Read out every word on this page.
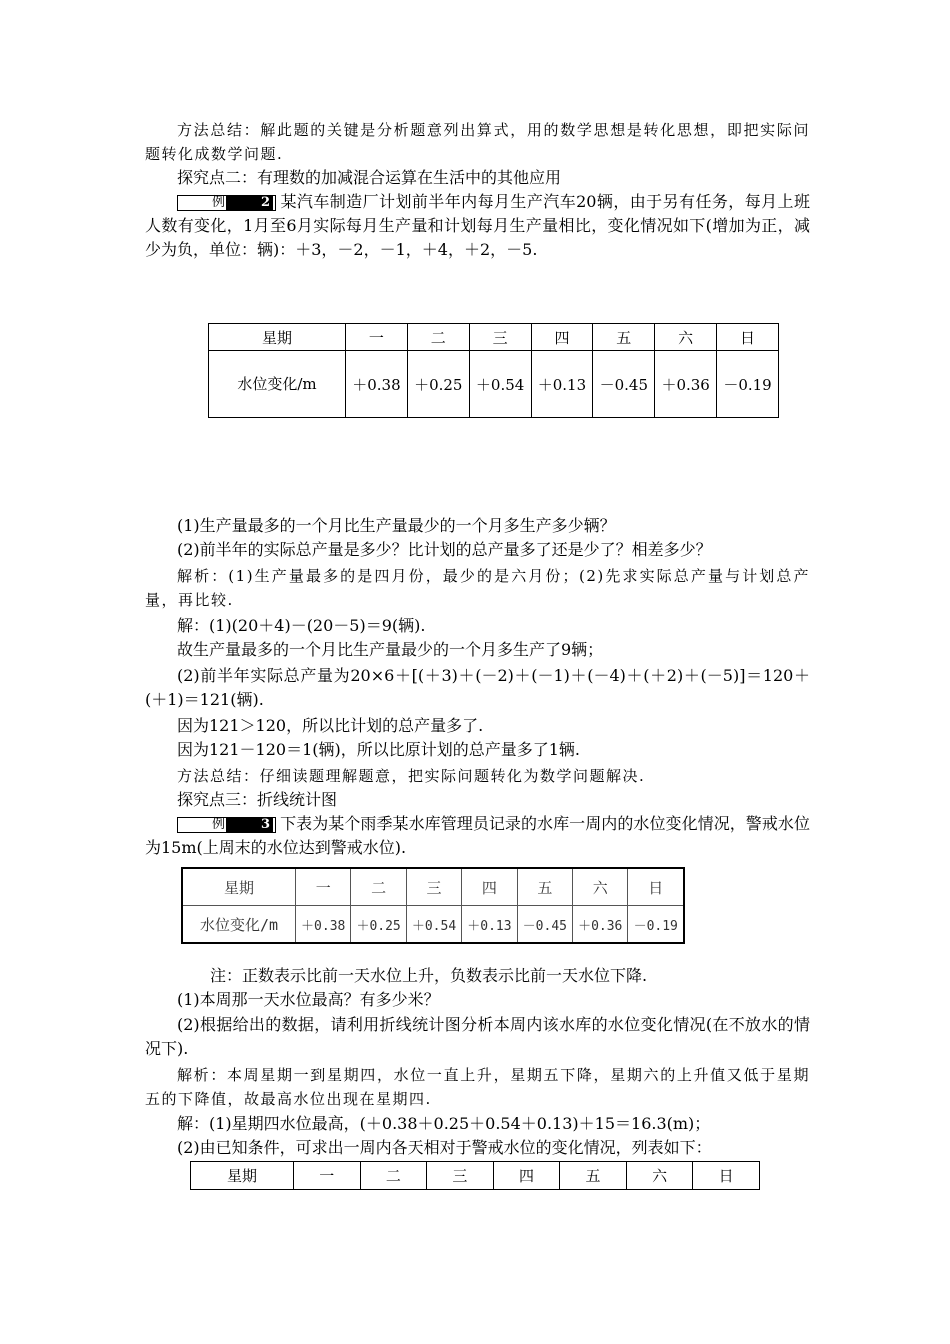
方法总结：解此题的关键是分析题意列出算式，用的数学思想是转化思想，即把实际问题转化成数学问题.
探究点二：有理数的加减混合运算在生活中的其他应用
例	2 某汽车制造厂计划前半年内每月生产汽车20辆，由于另有任务，每月上班人数有变化，1月至6月实际每月生产量和计划每月生产量相比，变化情况如下(增加为正，减少为负，单位：辆)：＋3，－2，－1，＋4，＋2，－5.
星期	一	二	三	四	五	六	日
水位变化/m	＋0.38	＋0.25	＋0.54	＋0.13	－0.45	＋0.36	－0.19
(1)生产量最多的一个月比生产量最少的一个月多生产多少辆？
(2)前半年的实际总产量是多少？比计划的总产量多了还是少了？相差多少？
解析：(1)生产量最多的是四月份，最少的是六月份；(2)先求实际总产量与计划总产量，再比较.
解：(1)(20＋4)－(20－5)＝9(辆).
故生产量最多的一个月比生产量最少的一个月多生产了9辆；
(2)前半年实际总产量为20×6＋[(＋3)＋(－2)＋(－1)＋(－4)＋(＋2)＋(－5)]＝120＋(＋1)＝121(辆).
因为121＞120，所以比计划的总产量多了.
因为121－120＝1(辆)，所以比原计划的总产量多了1辆.
方法总结：仔细读题理解题意，把实际问题转化为数学问题解决.
探究点三：折线统计图
例	3 下表为某个雨季某水库管理员记录的水库一周内的水位变化情况，警戒水位为15m(上周末的水位达到警戒水位).
星期	一	二	三	四	五	六	日
水位变化/m	＋0.38	＋0.25	＋0.54	＋0.13	－0.45	＋0.36	－0.19
注：正数表示比前一天水位上升，负数表示比前一天水位下降.
(1)本周那一天水位最高？有多少米？
(2)根据给出的数据，请利用折线统计图分析本周内该水库的水位变化情况(在不放水的情况下).
解析：本周星期一到星期四，水位一直上升，星期五下降，星期六的上升值又低于星期五的下降值，故最高水位出现在星期四.
解：(1)星期四水位最高，(＋0.38＋0.25＋0.54＋0.13)＋15＝16.3(m)；
(2)由已知条件，可求出一周内各天相对于警戒水位的变化情况，列表如下：
星期	一	二	三	四	五	六	日
